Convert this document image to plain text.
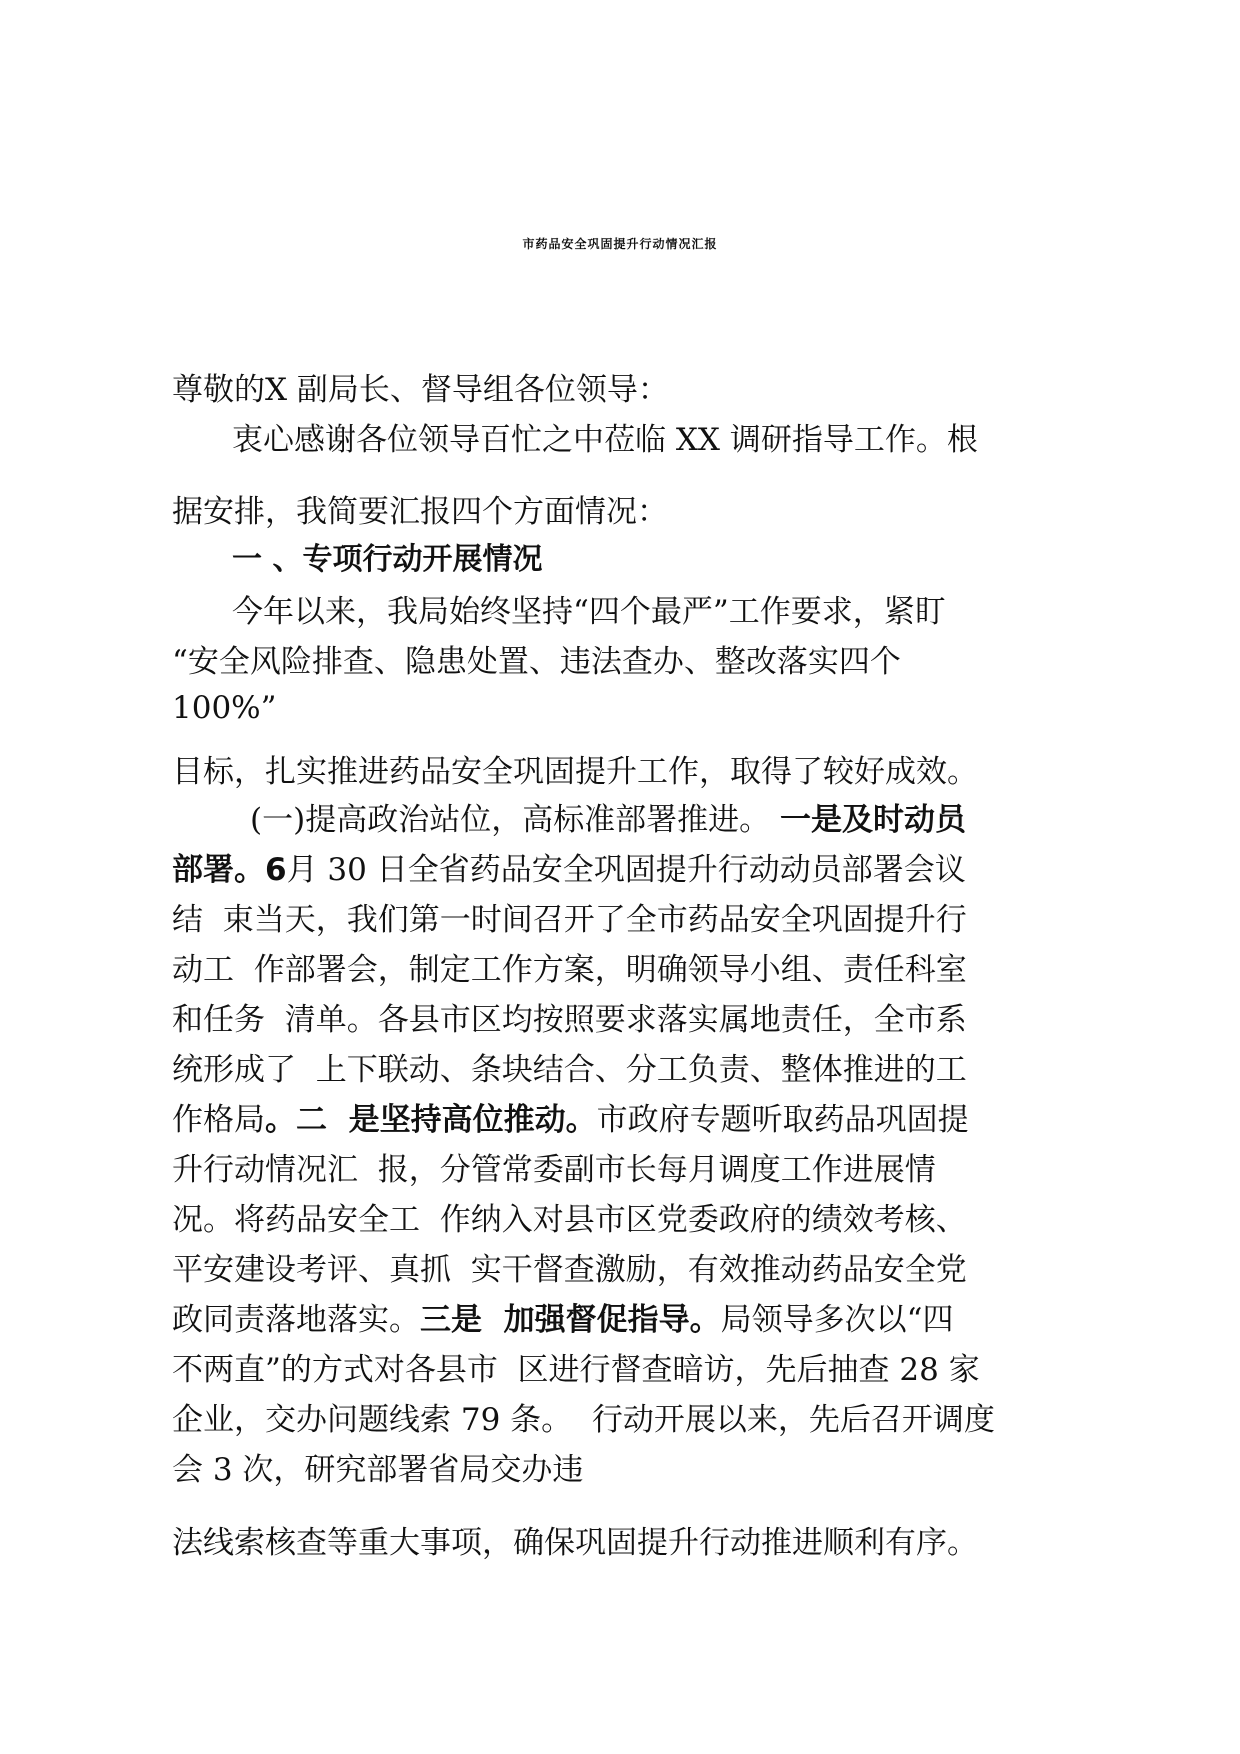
市药品安全巩固提升行动情况汇报
尊敬的X 副局长、督导组各位领导：
衷心感谢各位领导百忙之中莅临 XX 调研指导工作。根
据安排，我简要汇报四个方面情况：
一 、专项行动开展情况
今年以来，我局始终坚持“四个最严”工作要求，紧盯
“安全风险排查、隐患处置、违法查办、整改落实四个
100%”
目标，扎实推进药品安全巩固提升工作，取得了较好成效。
(一)提高政治站位，高标准部署推进。 一是及时动员
部署。6月 30 日全省药品安全巩固提升行动动员部署会议
结  束当天，我们第一时间召开了全市药品安全巩固提升行
动工  作部署会，制定工作方案，明确领导小组、责任科室
和任务  清单。各县市区均按照要求落实属地责任，全市系
统形成了  上下联动、条块结合、分工负责、整体推进的工
作格局。二  是坚持高位推动。市政府专题听取药品巩固提
升行动情况汇  报，分管常委副市长每月调度工作进展情
况。将药品安全工  作纳入对县市区党委政府的绩效考核、
平安建设考评、真抓  实干督查激励，有效推动药品安全党
政同责落地落实。三是  加强督促指导。局领导多次以“四
不两直”的方式对各县市  区进行督查暗访，先后抽查 28 家
企业，交办问题线索 79 条。  行动开展以来，先后召开调度
会 3 次，研究部署省局交办违
法线索核查等重大事项，确保巩固提升行动推进顺利有序。
